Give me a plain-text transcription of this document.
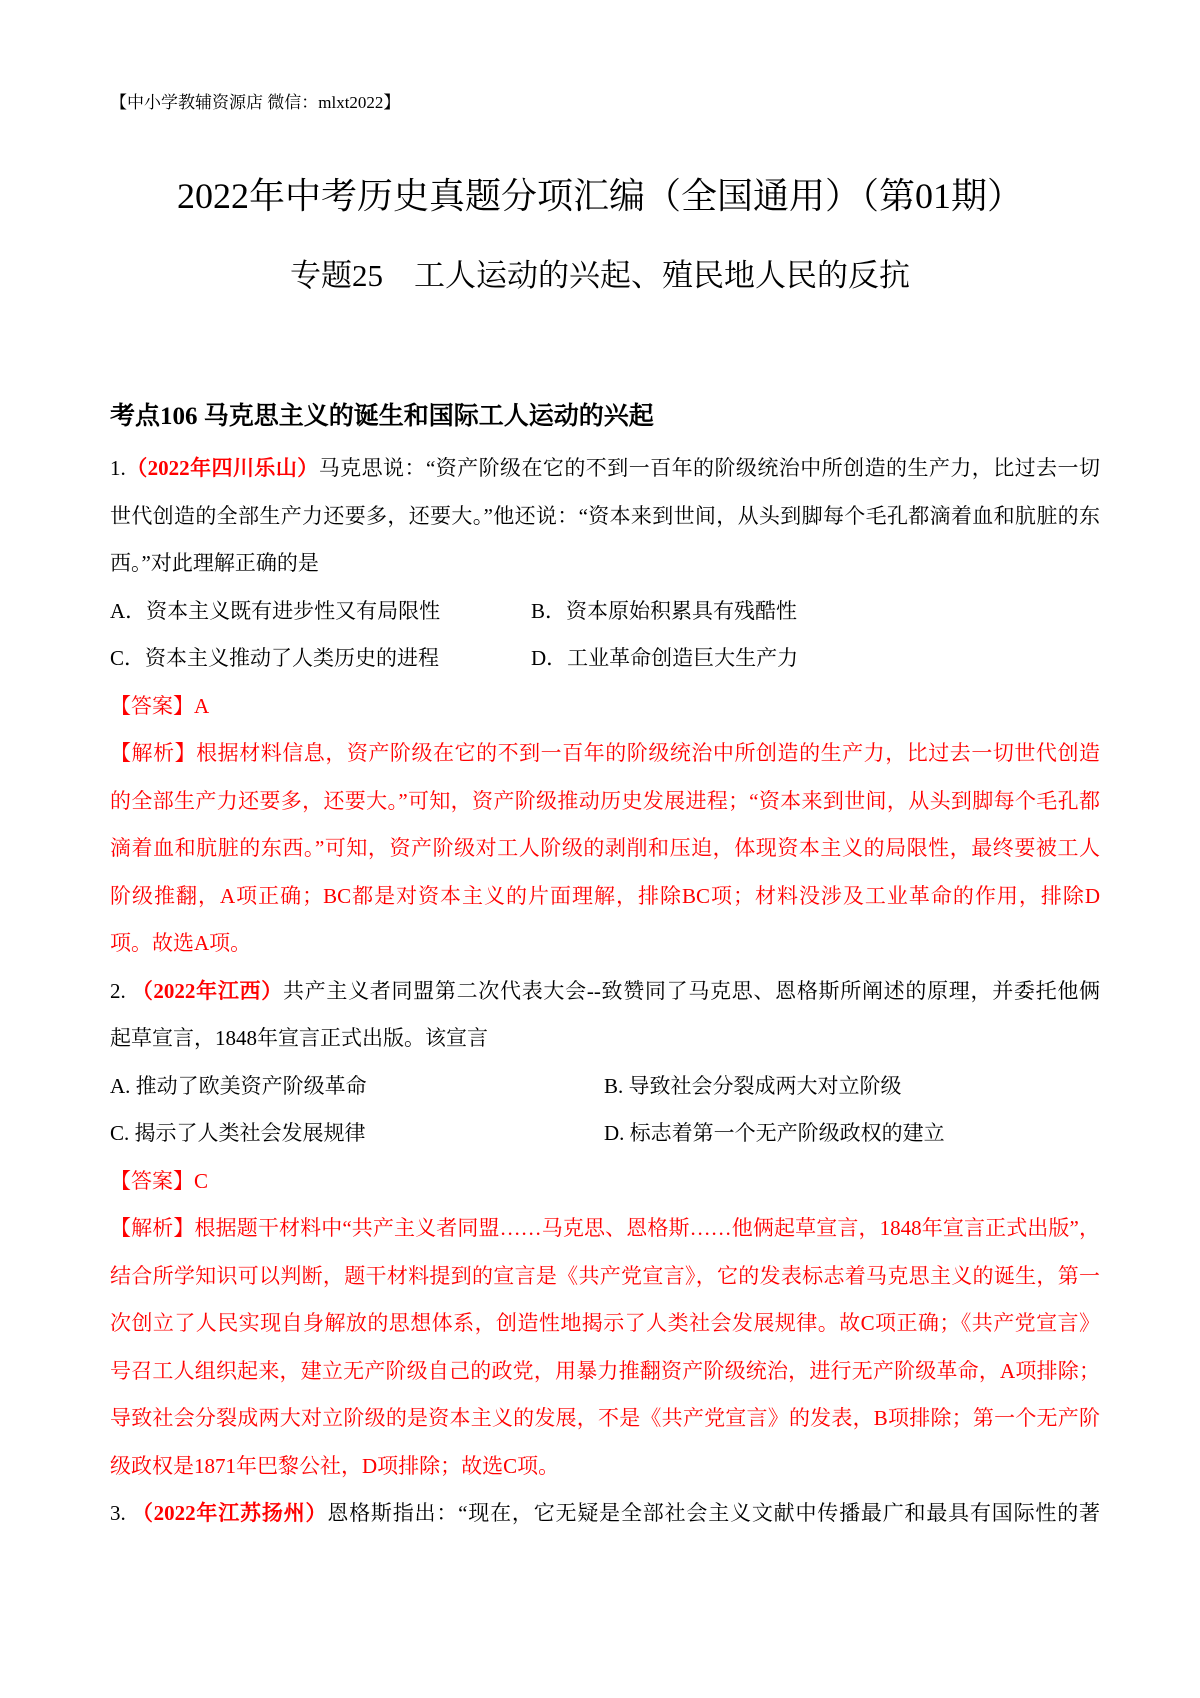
【中小学教辅资源店 微信：mlxt2022】
2022年中考历史真题分项汇编（全国通用）（第01期）
专题25　工人运动的兴起、殖民地人民的反抗
考点106 马克思主义的诞生和国际工人运动的兴起
1.（2022年四川乐山）马克思说：“资产阶级在它的不到一百年的阶级统治中所创造的生产力，比过去一切
世代创造的全部生产力还要多，还要大。”他还说：“资本来到世间，从头到脚每个毛孔都滴着血和肮脏的东
西。”对此理解正确的是
A．资本主义既有进步性又有局限性	B．资本原始积累具有残酷性
C．资本主义推动了人类历史的进程	D．工业革命创造巨大生产力
【答案】A
【解析】根据材料信息，资产阶级在它的不到一百年的阶级统治中所创造的生产力，比过去一切世代创造
的全部生产力还要多，还要大。”可知，资产阶级推动历史发展进程；“资本来到世间，从头到脚每个毛孔都
滴着血和肮脏的东西。”可知，资产阶级对工人阶级的剥削和压迫，体现资本主义的局限性，最终要被工人
阶级推翻，A项正确；BC都是对资本主义的片面理解，排除BC项；材料没涉及工业革命的作用，排除D
项。故选A项。
2. （2022年江西）共产主义者同盟第二次代表大会--致赞同了马克思、恩格斯所阐述的原理，并委托他俩
起草宣言，1848年宣言正式出版。该宣言
A. 推动了欧美资产阶级革命	B. 导致社会分裂成两大对立阶级
C. 揭示了人类社会发展规律	D. 标志着第一个无产阶级政权的建立
【答案】C
【解析】根据题干材料中“共产主义者同盟……马克思、恩格斯……他俩起草宣言，1848年宣言正式出版”，
结合所学知识可以判断，题干材料提到的宣言是《共产党宣言》，它的发表标志着马克思主义的诞生，第一
次创立了人民实现自身解放的思想体系，创造性地揭示了人类社会发展规律。故C项正确；《共产党宣言》
号召工人组织起来，建立无产阶级自己的政党，用暴力推翻资产阶级统治，进行无产阶级革命，A项排除；
导致社会分裂成两大对立阶级的是资本主义的发展，不是《共产党宣言》的发表，B项排除；第一个无产阶
级政权是1871年巴黎公社，D项排除；故选C项。
3. （2022年江苏扬州）恩格斯指出：“现在，它无疑是全部社会主义文献中传播最广和最具有国际性的著
